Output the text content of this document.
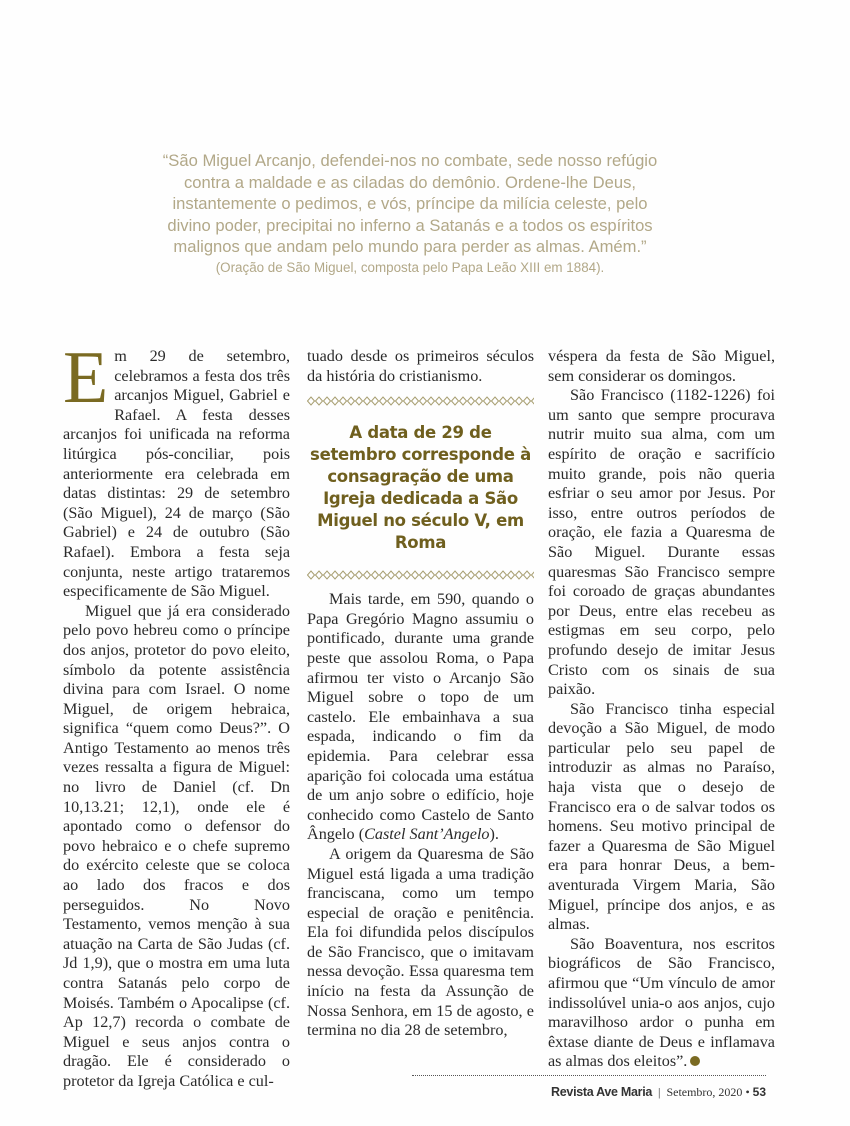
“São Miguel Arcanjo, defendei-nos no combate, sede nosso refúgio contra a maldade e as ciladas do demônio. Ordene-lhe Deus, instantemente o pedimos, e vós, príncipe da milícia celeste, pelo divino poder, precipitai no inferno a Satanás e a todos os espíritos malignos que andam pelo mundo para perder as almas. Amém.”
(Oração de São Miguel, composta pelo Papa Leão XIII em 1884).

Em 29 de setembro, celebramos a festa dos três arcanjos Miguel, Gabriel e Rafael. A festa desses arcanjos foi unificada na reforma litúrgica pós-conciliar, pois anteriormente era celebrada em datas distintas: 29 de setembro (São Miguel), 24 de março (São Gabriel) e 24 de outubro (São Rafael). Embora a festa seja conjunta, neste artigo trataremos especificamente de São Miguel.

Miguel que já era considerado pelo povo hebreu como o príncipe dos anjos, protetor do povo eleito, símbolo da potente assistência divina para com Israel. O nome Miguel, de origem hebraica, significa “quem como Deus?”. O Antigo Testamento ao menos três vezes ressalta a figura de Miguel: no livro de Daniel (cf. Dn 10,13.21; 12,1), onde ele é apontado como o defensor do povo hebraico e o chefe supremo do exército celeste que se coloca ao lado dos fracos e dos perseguidos. No Novo Testamento, vemos menção à sua atuação na Carta de São Judas (cf. Jd 1,9), que o mostra em uma luta contra Satanás pelo corpo de Moisés. Também o Apocalipse (cf. Ap 12,7) recorda o combate de Miguel e seus anjos contra o dragão. Ele é considerado o protetor da Igreja Católica e cul-

tuado desde os primeiros séculos da história do cristianismo.

A data de 29 de setembro corresponde à consagração de uma Igreja dedicada a São Miguel no século V, em Roma

Mais tarde, em 590, quando o Papa Gregório Magno assumiu o pontificado, durante uma grande peste que assolou Roma, o Papa afirmou ter visto o Arcanjo São Miguel sobre o topo de um castelo. Ele embainhava a sua espada, indicando o fim da epidemia. Para celebrar essa aparição foi colocada uma estátua de um anjo sobre o edifício, hoje conhecido como Castelo de Santo Ângelo (Castel Sant’Angelo).

A origem da Quaresma de São Miguel está ligada a uma tradição franciscana, como um tempo especial de oração e penitência. Ela foi difundida pelos discípulos de São Francisco, que o imitavam nessa devoção. Essa quaresma tem início na festa da Assunção de Nossa Senhora, em 15 de agosto, e termina no dia 28 de setembro,

véspera da festa de São Miguel, sem considerar os domingos.

São Francisco (1182-1226) foi um santo que sempre procurava nutrir muito sua alma, com um espírito de oração e sacrifício muito grande, pois não queria esfriar o seu amor por Jesus. Por isso, entre outros períodos de oração, ele fazia a Quaresma de São Miguel. Durante essas quaresmas São Francisco sempre foi coroado de graças abundantes por Deus, entre elas recebeu as estigmas em seu corpo, pelo profundo desejo de imitar Jesus Cristo com os sinais de sua paixão.

São Francisco tinha especial devoção a São Miguel, de modo particular pelo seu papel de introduzir as almas no Paraíso, haja vista que o desejo de Francisco era o de salvar todos os homens. Seu motivo principal de fazer a Quaresma de São Miguel era para honrar Deus, a bem-aventurada Virgem Maria, São Miguel, príncipe dos anjos, e as almas.

São Boaventura, nos escritos biográficos de São Francisco, afirmou que “Um vínculo de amor indissolúvel unia-o aos anjos, cujo maravilhoso ardor o punha em êxtase diante de Deus e inflamava as almas dos eleitos”.

Revista Ave Maria | Setembro, 2020 • 53
